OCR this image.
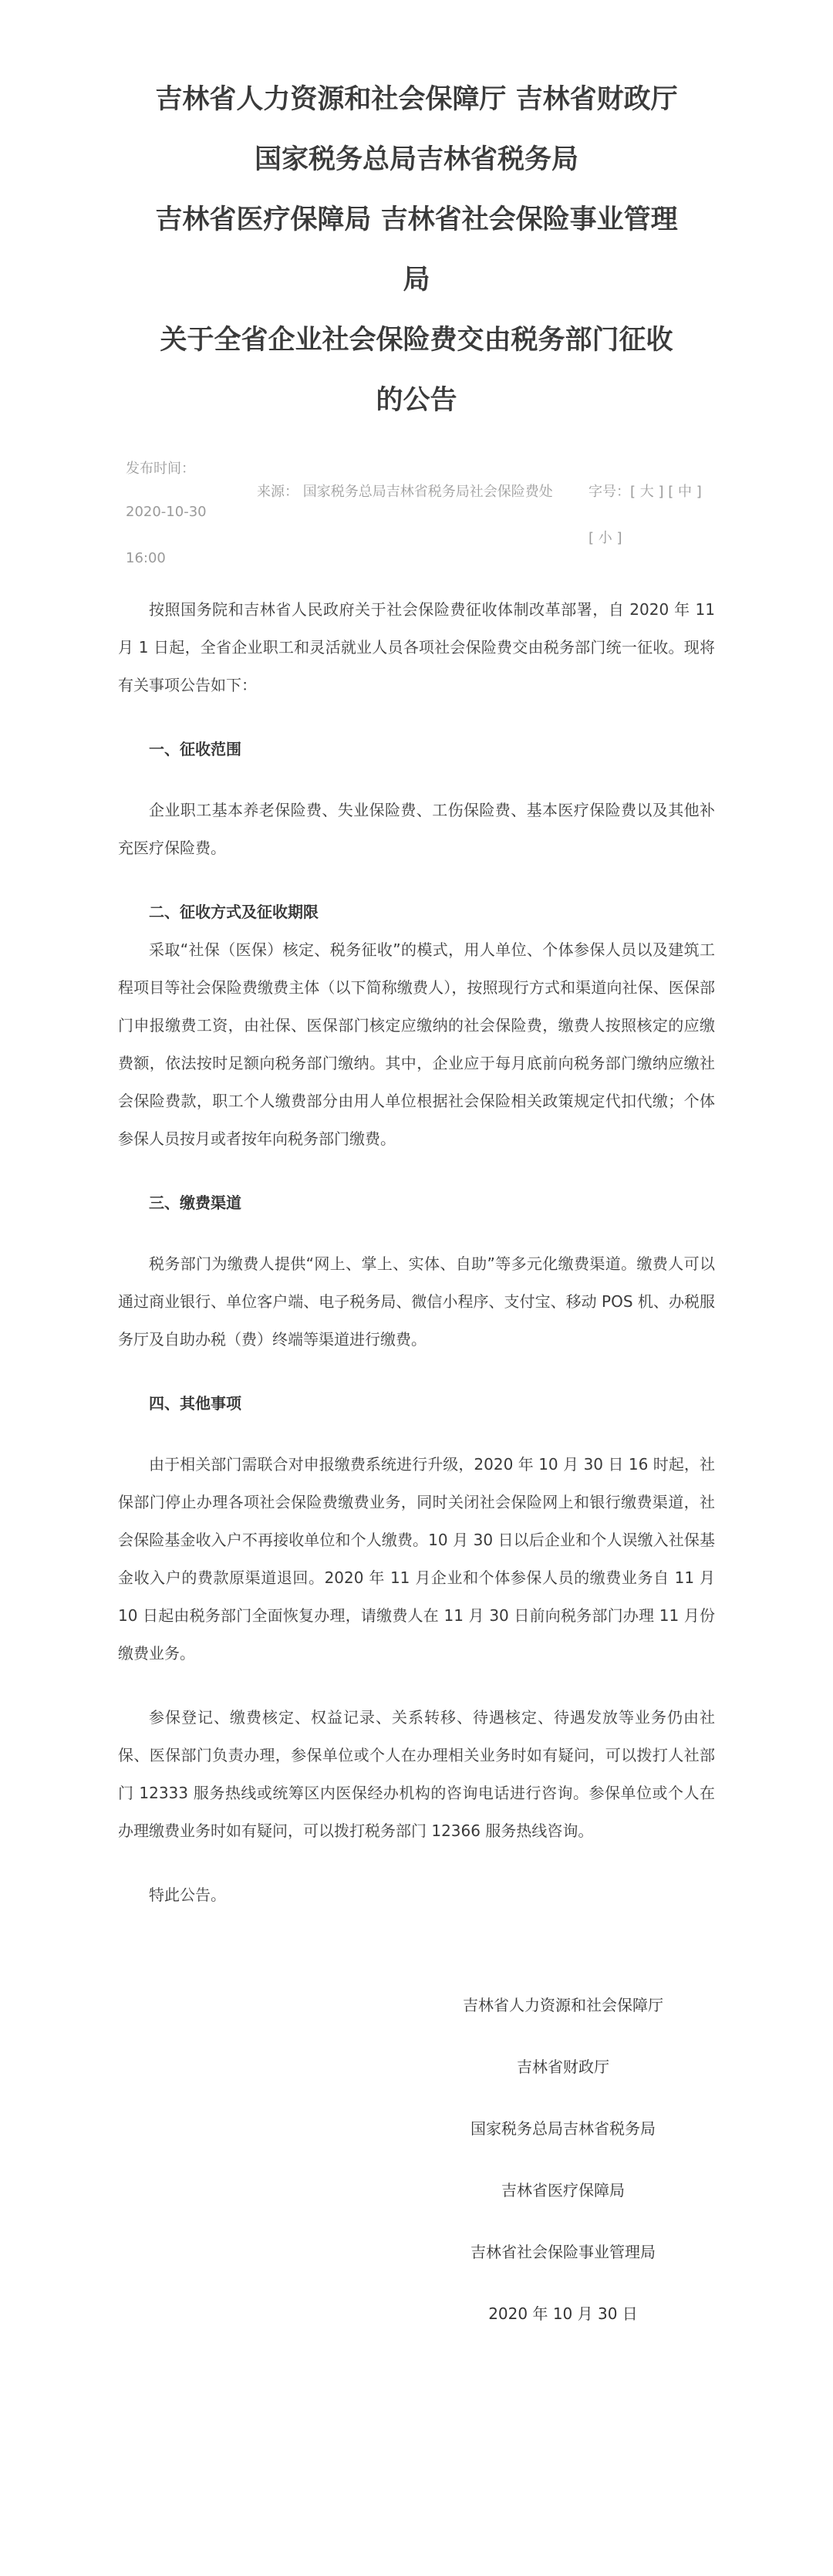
吉林省人力资源和社会保障厅 吉林省财政厅
国家税务总局吉林省税务局
吉林省医疗保障局 吉林省社会保险事业管理
局
关于全省企业社会保险费交由税务部门征收
的公告
发布时间：
2020-10-30
16:00
来源： 国家税务总局吉林省税务局社会保险费处	字号：[ 大 ] [ 中 ] [ 小 ]

按照国务院和吉林省人民政府关于社会保险费征收体制改革部署，自 2020 年 11 月 1 日起，全省企业职工和灵活就业人员各项社会保险费交由税务部门统一征收。现将有关事项公告如下：

一、征收范围

企业职工基本养老保险费、失业保险费、工伤保险费、基本医疗保险费以及其他补充医疗保险费。

二、征收方式及征收期限

采取“社保（医保）核定、税务征收”的模式，用人单位、个体参保人员以及建筑工程项目等社会保险费缴费主体（以下简称缴费人），按照现行方式和渠道向社保、医保部门申报缴费工资，由社保、医保部门核定应缴纳的社会保险费，缴费人按照核定的应缴费额，依法按时足额向税务部门缴纳。其中，企业应于每月底前向税务部门缴纳应缴社会保险费款，职工个人缴费部分由用人单位根据社会保险相关政策规定代扣代缴；个体参保人员按月或者按年向税务部门缴费。

三、缴费渠道

税务部门为缴费人提供“网上、掌上、实体、自助”等多元化缴费渠道。缴费人可以通过商业银行、单位客户端、电子税务局、微信小程序、支付宝、移动 POS 机、办税服务厅及自助办税（费）终端等渠道进行缴费。

四、其他事项

由于相关部门需联合对申报缴费系统进行升级，2020 年 10 月 30 日 16 时起，社保部门停止办理各项社会保险费缴费业务，同时关闭社会保险网上和银行缴费渠道，社会保险基金收入户不再接收单位和个人缴费。10 月 30 日以后企业和个人误缴入社保基金收入户的费款原渠道退回。2020 年 11 月企业和个体参保人员的缴费业务自 11 月 10 日起由税务部门全面恢复办理，请缴费人在 11 月 30 日前向税务部门办理 11 月份缴费业务。

参保登记、缴费核定、权益记录、关系转移、待遇核定、待遇发放等业务仍由社保、医保部门负责办理，参保单位或个人在办理相关业务时如有疑问，可以拨打人社部门 12333 服务热线或统筹区内医保经办机构的咨询电话进行咨询。参保单位或个人在办理缴费业务时如有疑问，可以拨打税务部门 12366 服务热线咨询。

特此公告。

吉林省人力资源和社会保障厅
吉林省财政厅
国家税务总局吉林省税务局
吉林省医疗保障局
吉林省社会保险事业管理局
2020 年 10 月 30 日
